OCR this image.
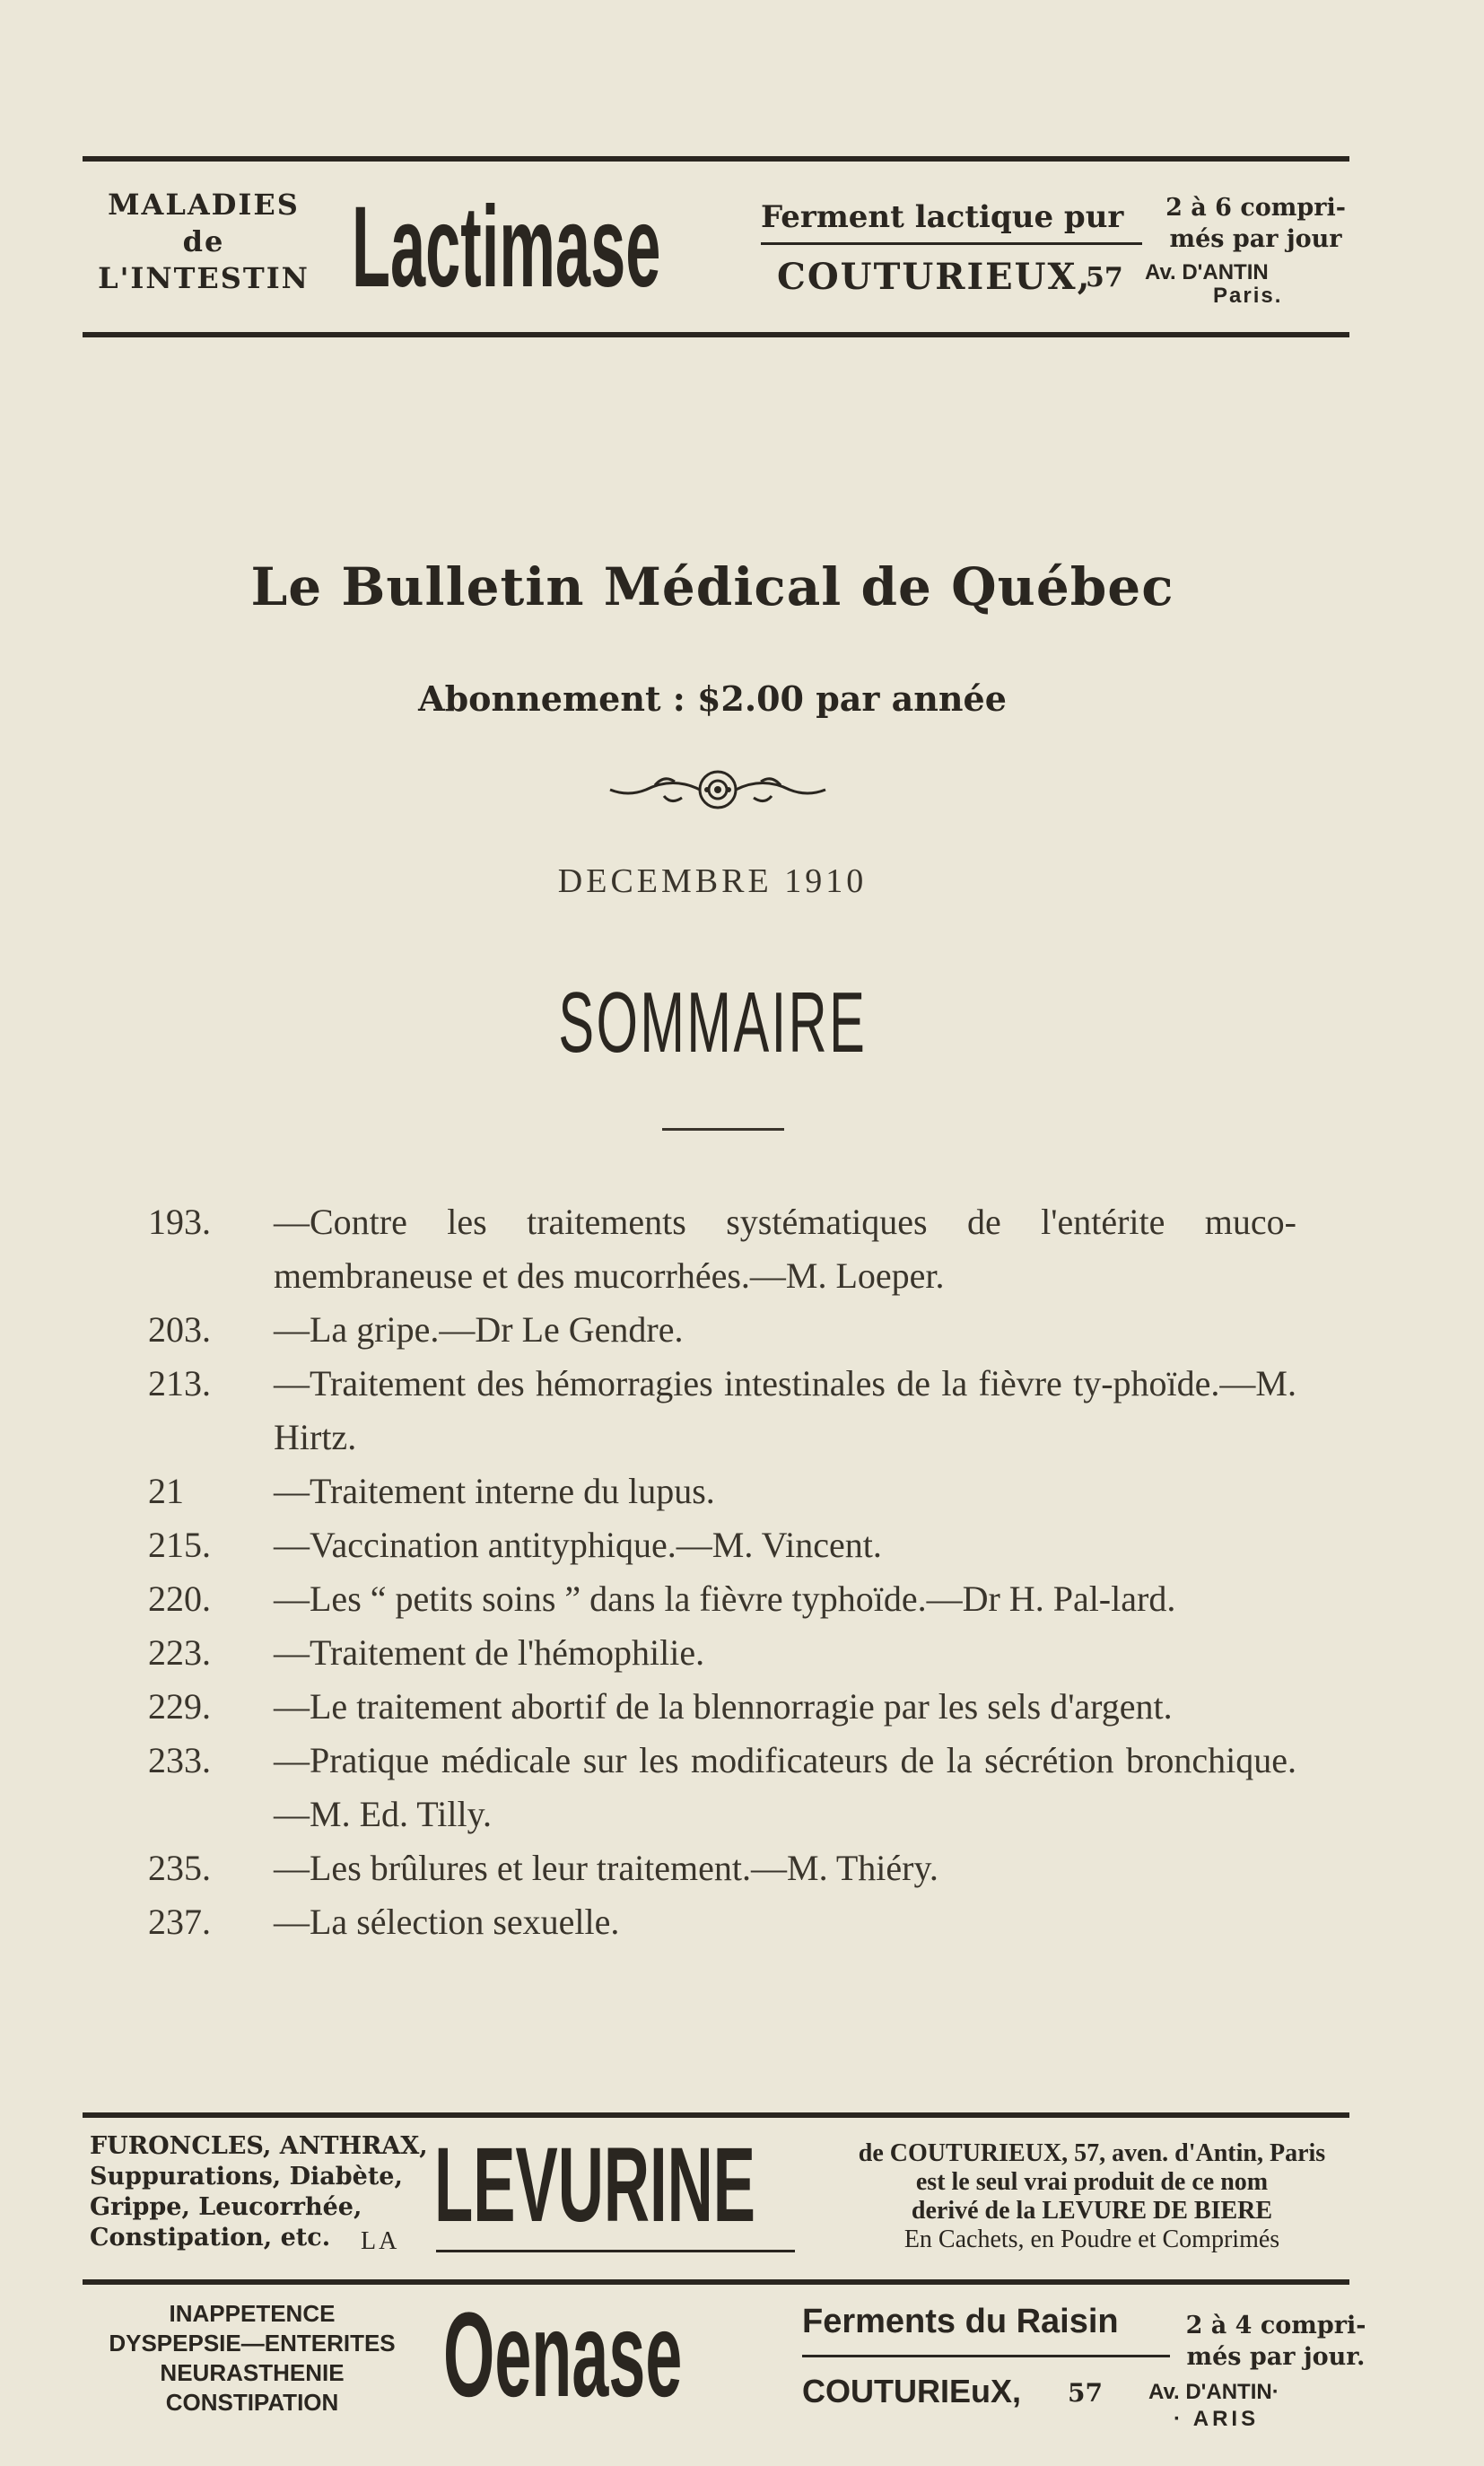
MALADIES
de
L'INTESTIN Lactimase	Ferment lactique pur
COUTURIEUX,
57 Av. D'ANTIN
Paris.
2 à 6 compri-
més par jour
Le Bulletin Médical de Québec
Abonnement : $2.00 par année
DECEMBRE 1910
SOMMAIRE
193. —Contre les traitements systématiques de l'entérite muco-membraneuse et des mucorrhées.—M. Loeper.
203. —La gripe.—Dr Le Gendre.
213. —Traitement des hémorragies intestinales de la fièvre ty-phoïde.—M. Hirtz.
21	—Traitement interne du lupus.
215. —Vaccination antityphique.—M. Vincent.
220. —Les “ petits soins ” dans la fièvre typhoïde.—Dr H. Pal-lard.
223. —Traitement de l'hémophilie.
229. —Le traitement abortif de la blennorragie par les sels d'argent.
233. —Pratique médicale sur les modificateurs de la sécrétion bronchique.—M. Ed. Tilly.
235. —Les brûlures et leur traitement.—M. Thiéry.
237. —La sélection sexuelle.
FURONCLES, ANTHRAX,
Suppurations, Diabète,
Grippe, Leucorrhée,
Constipation, etc.	LA LEVURINE	de COUTURIEUX, 57, aven. d'Antin, Paris
est le seul vrai produit de ce nom
derivé de la LEVURE DE BIERE
En Cachets, en Poudre et Comprimés
INAPPETENCE
DYSPEPSIE—ENTERITES
NEURASTHENIE
CONSTIPATION Oenase	Ferments du Raisin
COUTURIEuX, 57 Av. D'ANTIN·
· ARIS
2 à 4 compri-
més par jour.
